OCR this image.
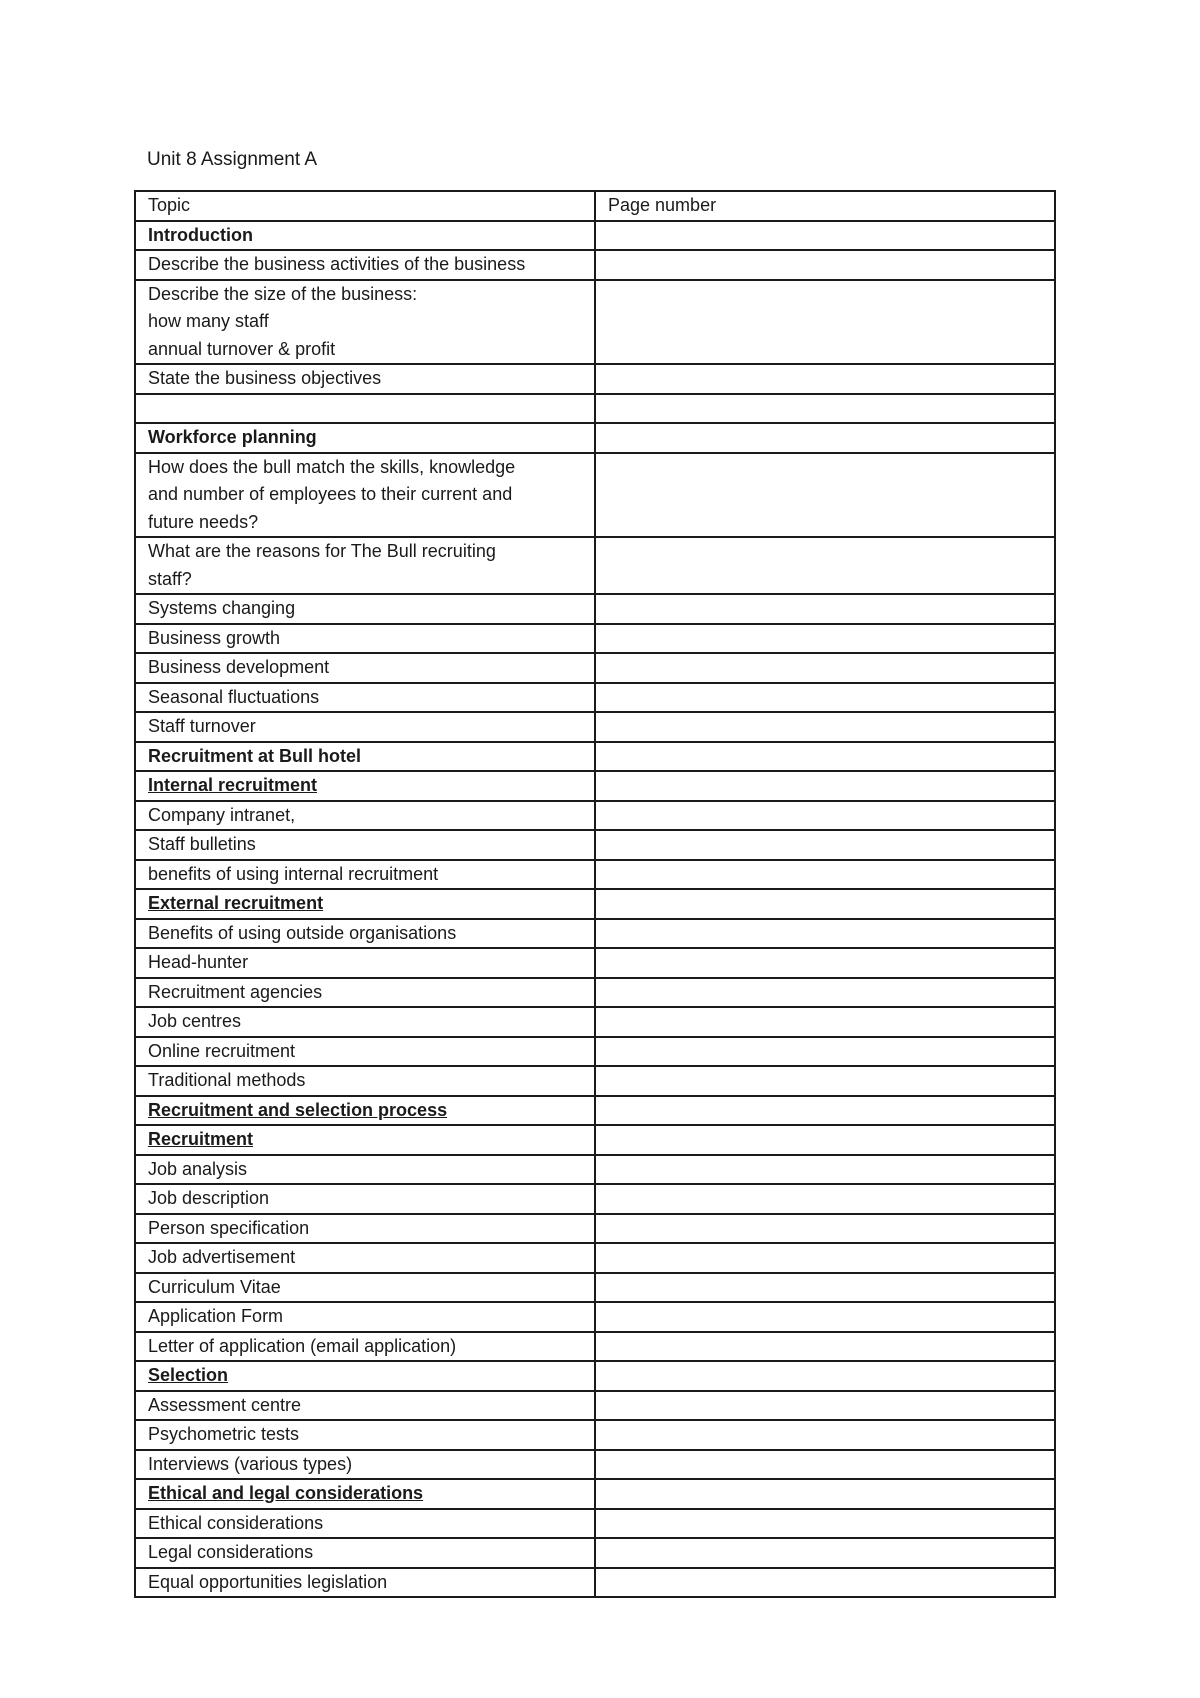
Unit 8 Assignment A
Topic	Page number

Introduction	

Describe the business activities of the business	

Describe the size of the business:
how many staff
annual turnover & profit	

State the business objectives	

Workforce planning	

How does the bull match the skills, knowledge
and number of employees to their current and
future needs?	

What are the reasons for The Bull recruiting
staff?	

Systems changing	

Business growth	

Business development	

Seasonal fluctuations	

Staff turnover	

Recruitment at Bull hotel	

Internal recruitment	

Company intranet,	

Staff bulletins	

benefits of using internal recruitment	

External recruitment	

Benefits of using outside organisations	

Head-hunter	

Recruitment agencies	

Job centres	

Online recruitment	

Traditional methods	

Recruitment and selection process	

Recruitment	

Job analysis	

Job description	

Person specification	

Job advertisement	

Curriculum Vitae	

Application Form	

Letter of application (email application)	

Selection	

Assessment centre	

Psychometric tests	

Interviews (various types)	

Ethical and legal considerations	

Ethical considerations	

Legal considerations	

Equal opportunities legislation	
